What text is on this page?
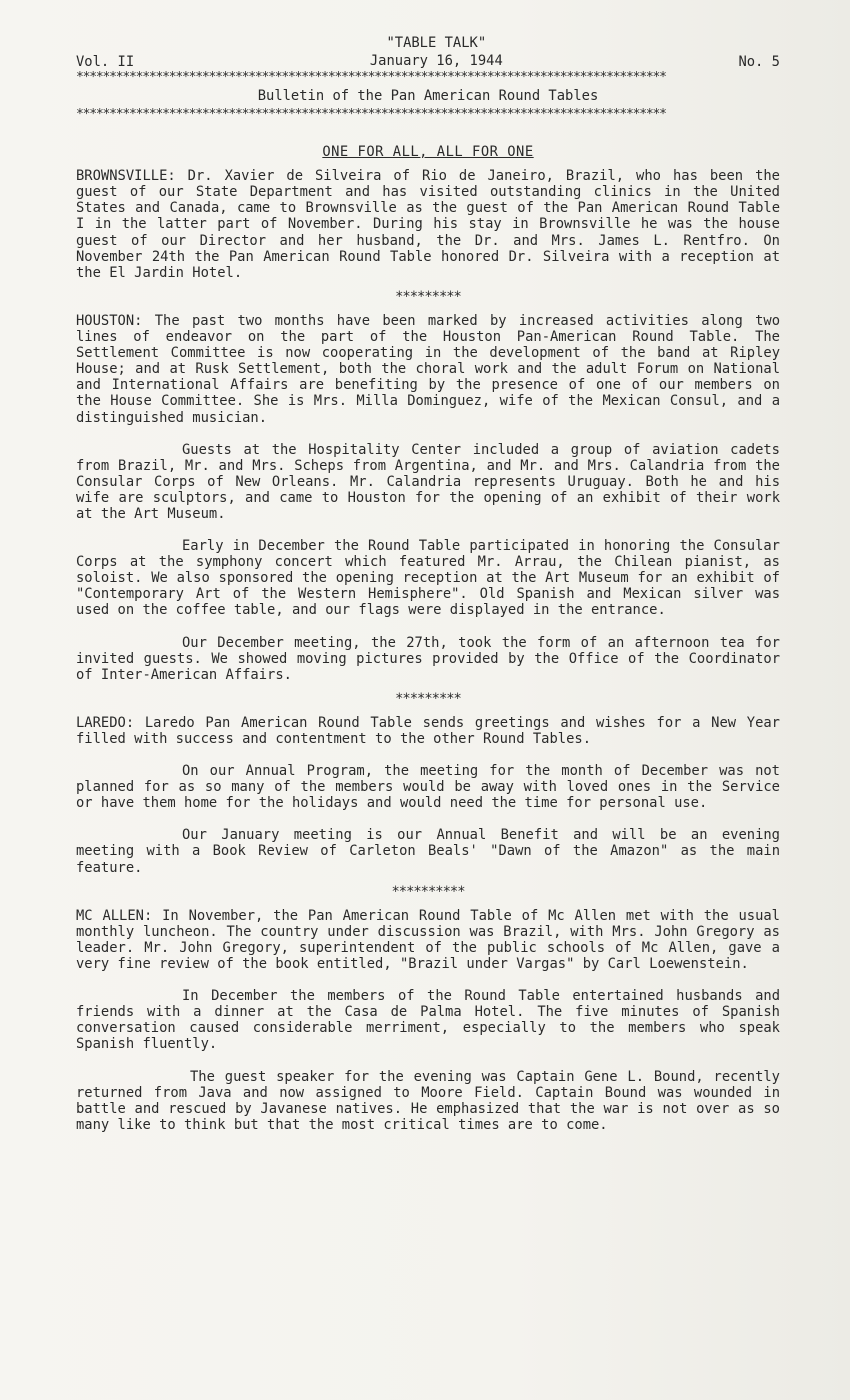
Vol. II
"TABLE TALK"
January 16, 1944	No. 5
*****************************************************************************************
Bulletin of the Pan American Round Tables
*****************************************************************************************
ONE FOR ALL, ALL FOR ONE

BROWNSVILLE: Dr. Xavier de Silveira of Rio de Janeiro, Brazil, who has been the guest of our State Department and has visited outstanding clinics in the United States and Canada, came to Brownsville as the guest of the Pan American Round Table I in the latter part of November. During his stay in Brownsville he was the house guest of our Director and her husband, the Dr. and Mrs. James L. Rentfro. On November 24th the Pan American Round Table honored Dr. Silveira with a reception at the El Jardin Hotel.

*********

HOUSTON: The past two months have been marked by increased activities along two lines of endeavor on the part of the Houston Pan-American Round Table. The Settlement Committee is now cooperating in the development of the band at Ripley House; and at Rusk Settlement, both the choral work and the adult Forum on National and International Affairs are benefiting by the presence of one of our members on the House Committee. She is Mrs. Milla Dominguez, wife of the Mexican Consul, and a distinguished musician.

Guests at the Hospitality Center included a group of aviation cadets from Brazil, Mr. and Mrs. Scheps from Argentina, and Mr. and Mrs. Calandria from the Consular Corps of New Orleans. Mr. Calandria represents Uruguay. Both he and his wife are sculptors, and came to Houston for the opening of an exhibit of their work at the Art Museum.

Early in December the Round Table participated in honoring the Consular Corps at the symphony concert which featured Mr. Arrau, the Chilean pianist, as soloist. We also sponsored the opening reception at the Art Museum for an exhibit of "Contemporary Art of the Western Hemisphere". Old Spanish and Mexican silver was used on the coffee table, and our flags were displayed in the entrance.

Our December meeting, the 27th, took the form of an afternoon tea for invited guests. We showed moving pictures provided by the Office of the Coordinator of Inter-American Affairs.

*********

LAREDO: Laredo Pan American Round Table sends greetings and wishes for a New Year filled with success and contentment to the other Round Tables.

On our Annual Program, the meeting for the month of December was not planned for as so many of the members would be away with loved ones in the Service or have them home for the holidays and would need the time for personal use.

Our January meeting is our Annual Benefit and will be an evening meeting with a Book Review of Carleton Beals' "Dawn of the Amazon" as the main feature.

**********

MC ALLEN: In November, the Pan American Round Table of Mc Allen met with the usual monthly luncheon. The country under discussion was Brazil, with Mrs. John Gregory as leader. Mr. John Gregory, superintendent of the public schools of Mc Allen, gave a very fine review of the book entitled, "Brazil under Vargas" by Carl Loewenstein.

In December the members of the Round Table entertained husbands and friends with a dinner at the Casa de Palma Hotel. The five minutes of Spanish conversation caused considerable merriment, especially to the members who speak Spanish fluently.

The guest speaker for the evening was Captain Gene L. Bound, recently returned from Java and now assigned to Moore Field. Captain Bound was wounded in battle and rescued by Javanese natives. He emphasized that the war is not over as so many like to think but that the most critical times are to come.
